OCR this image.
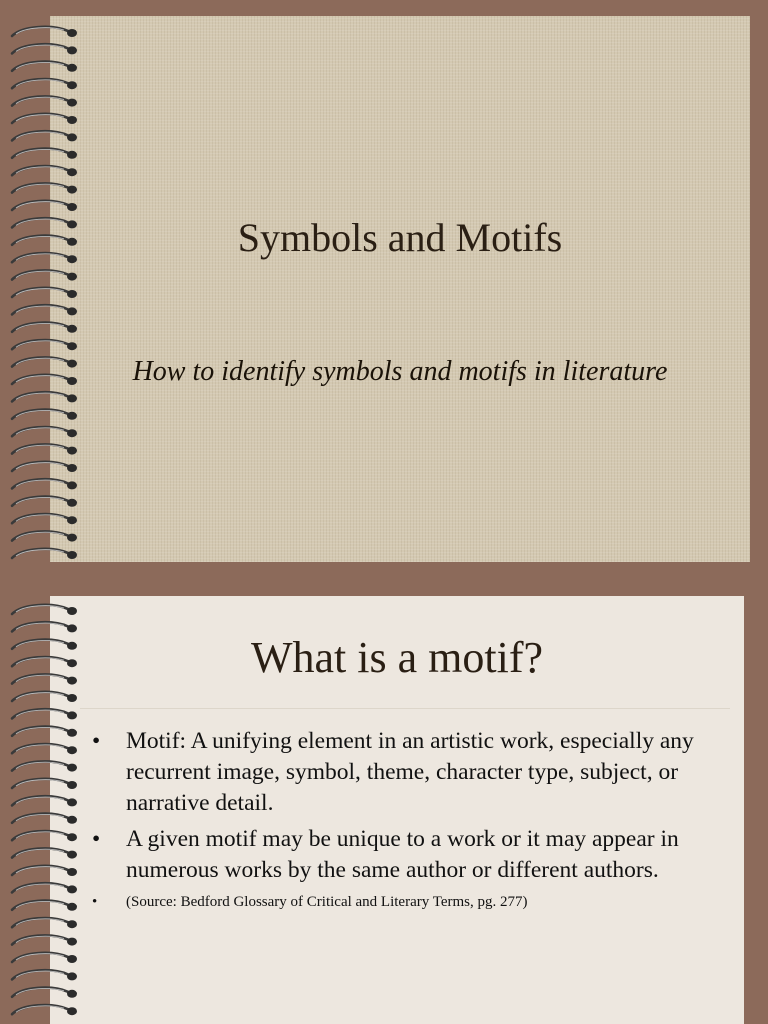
Symbols and Motifs

How to identify symbols and motifs in literature

What is a motif?
• Motif: A unifying element in an artistic work, especially any recurrent image, symbol, theme, character type, subject, or narrative detail.
• A given motif may be unique to a work or it may appear in numerous works by the same author or different authors.
• (Source: Bedford Glossary of Critical and Literary Terms, pg. 277)
